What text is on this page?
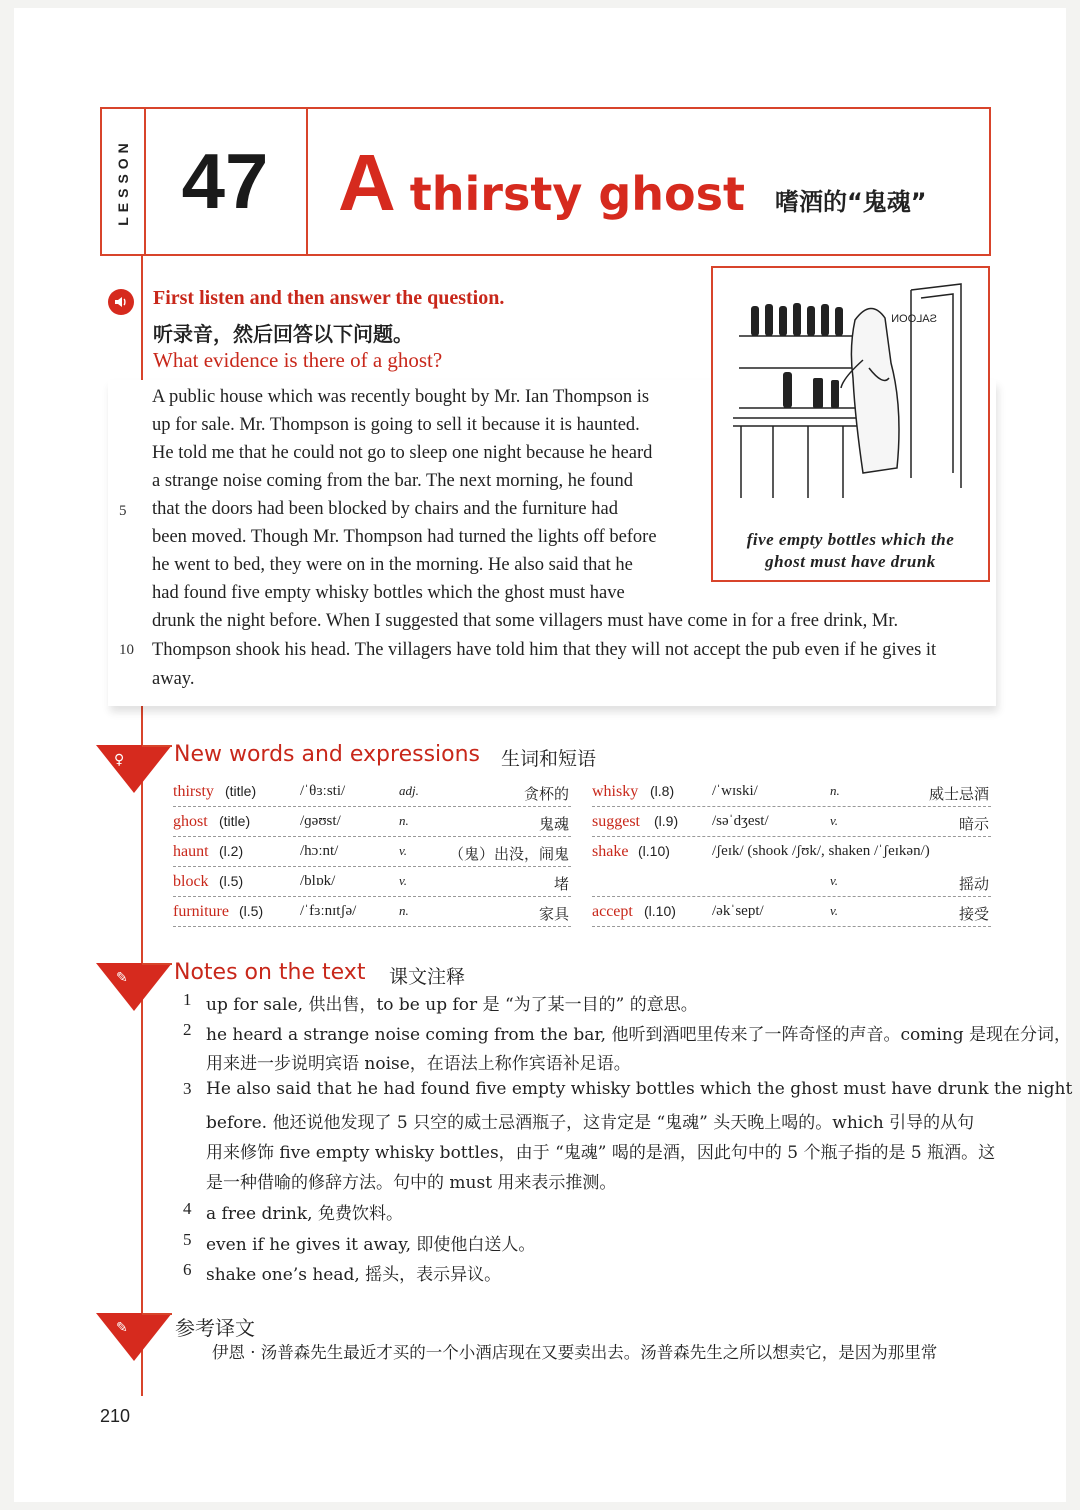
LESSON 47 A thirsty ghost 嗜酒的“鬼魂”
First listen and then answer the question.
听录音，然后回答以下问题。
What evidence is there of a ghost?
A public house which was recently bought by Mr. Ian Thompson is
up for sale. Mr. Thompson is going to sell it because it is haunted.
He told me that he could not go to sleep one night because he heard
a strange noise coming from the bar. The next morning, he found
that the doors had been blocked by chairs and the furniture had
been moved. Though Mr. Thompson had turned the lights off before
he went to bed, they were on in the morning. He also said that he
had found five empty whisky bottles which the ghost must have
drunk the night before. When I suggested that some villagers must have come in for a free drink, Mr.
Thompson shook his head. The villagers have told him that they will not accept the pub even if he gives it
away.
5
10
SALOON
five empty bottles which the
ghost must have drunk
♀ New words and expressions 生词和短语
thirsty (title)	/ˈθɜːsti/	adj.	贪杯的
ghost (title)	/ɡəʊst/	n.	鬼魂
haunt (l.2)	/hɔːnt/	v.	（鬼）出没，闹鬼
block (l.5)	/blɒk/	v.	堵
furniture (l.5) /ˈfɜːnɪtʃə/	n.	家具
whisky (l.8)	/ˈwɪski/	n.	威士忌酒
suggest (l.9) /səˈdʒest/	v.	暗示
shake (l.10)	/ʃeɪk/ (shook /ʃʊk/, shaken /ˈʃeɪkən/)
v.	摇动
accept (l.10) /əkˈsept/	v.	接受
✎ Notes on the text 课文注释
1 up for sale, 供出售，to be up for 是 “为了某一目的” 的意思。
2 he heard a strange noise coming from the bar, 他听到酒吧里传来了一阵奇怪的声音。coming 是现在分词，
用来进一步说明宾语 noise，在语法上称作宾语补足语。
3 He also said that he had found five empty whisky bottles which the ghost must have drunk the night
before. 他还说他发现了 5 只空的威士忌酒瓶子，这肯定是 “鬼魂” 头天晚上喝的。which 引导的从句
用来修饰 five empty whisky bottles，由于 “鬼魂” 喝的是酒，因此句中的 5 个瓶子指的是 5 瓶酒。这
是一种借喻的修辞方法。句中的 must 用来表示推测。
4 a free drink, 免费饮料。
5 even if he gives it away, 即使他白送人。
6 shake one’s head, 摇头，表示异议。
✎ 参考译文
伊恩 · 汤普森先生最近才买的一个小酒店现在又要卖出去。汤普森先生之所以想卖它，是因为那里常
210
